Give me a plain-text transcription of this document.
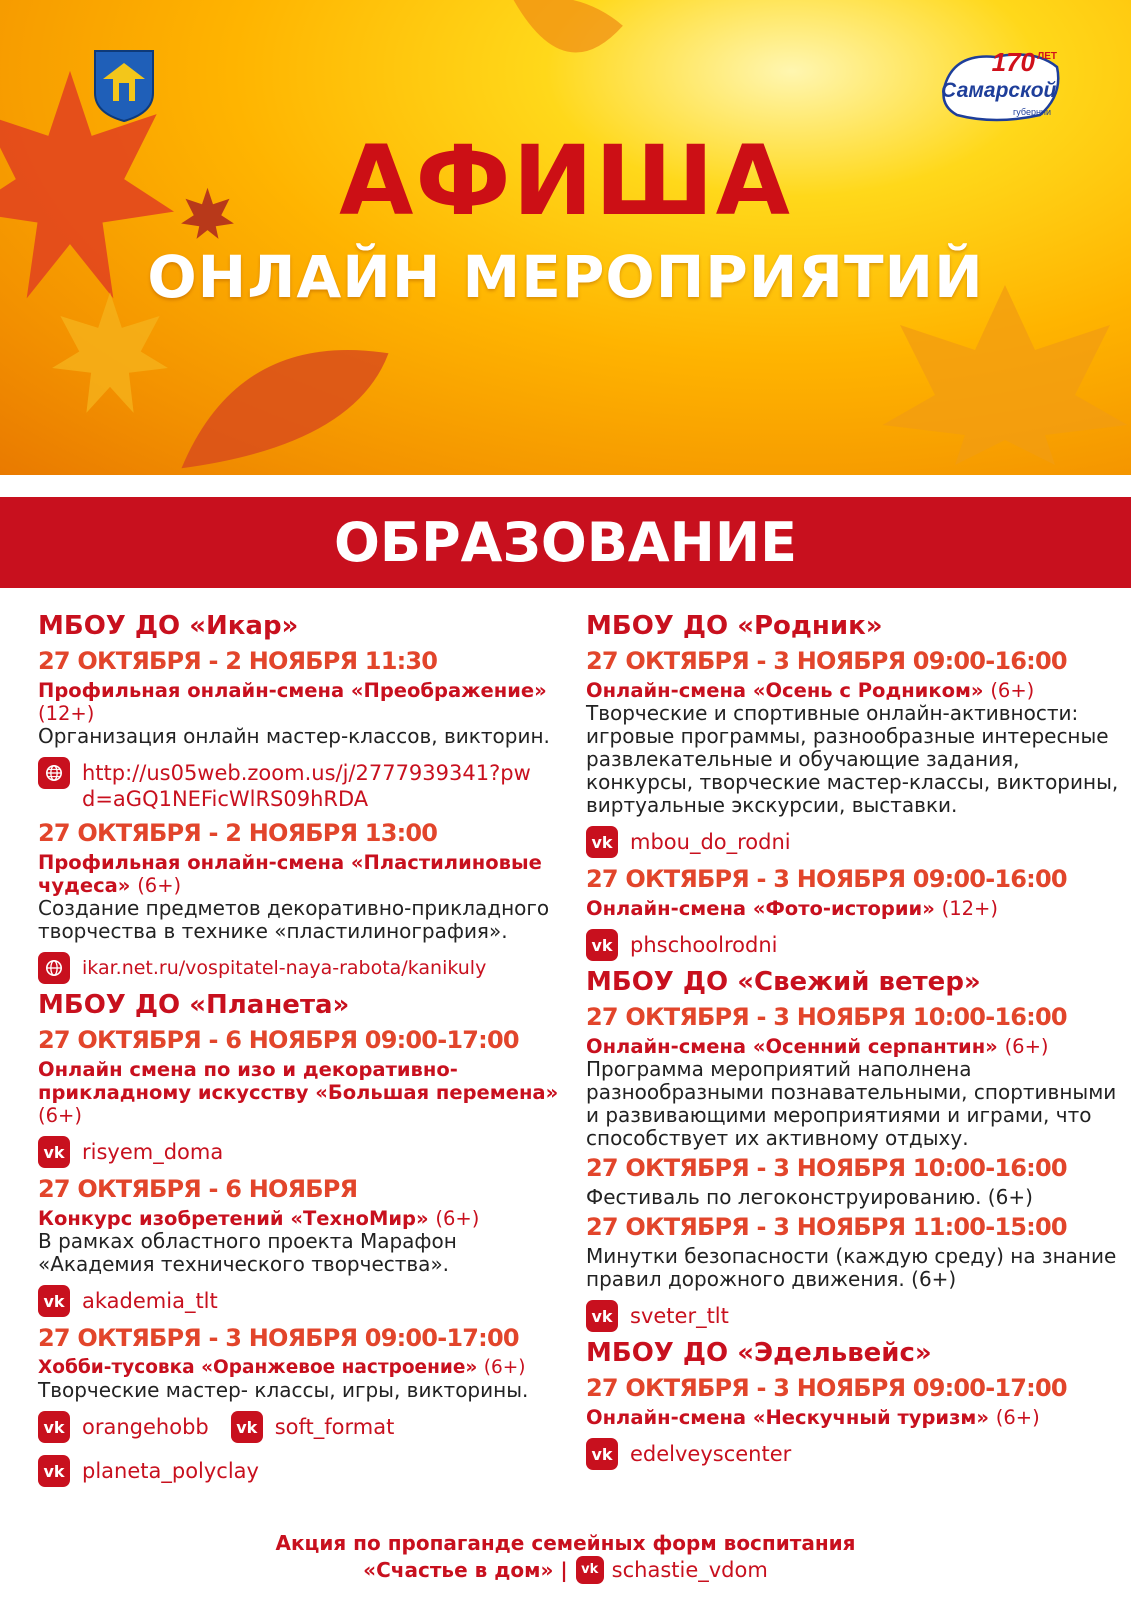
170 ЛЕТ
Самарской
губернии
АФИША
ОНЛАЙН МЕРОПРИЯТИЙ
ОБРАЗОВАНИЕ
МБОУ ДО «Икар»
27 ОКТЯБРЯ - 2 НОЯБРЯ 11:30
Профильная онлайн-смена «Преображение» (12+)
Организация онлайн мастер-классов, викторин.
http://us05web.zoom.us/j/2777939341?pwd=aGQ1NEFicWlRS09hRDA
27 ОКТЯБРЯ - 2 НОЯБРЯ 13:00
Профильная онлайн-смена «Пластилиновые чудеса» (6+)
Создание предметов декоративно-прикладного творчества в технике «пластилинография».
ikar.net.ru/vospitatel-naya-rabota/kanikuly
МБОУ ДО «Планета»
27 ОКТЯБРЯ - 6 НОЯБРЯ 09:00-17:00
Онлайн смена по изо и декоративно-прикладному искусству «Большая перемена» (6+)
vk risyem_doma
27 ОКТЯБРЯ - 6 НОЯБРЯ
Конкурс изобретений «ТехноМир» (6+)
В рамках областного проекта Марафон «Академия технического творчества».
vk akademia_tlt
27 ОКТЯБРЯ - 3 НОЯБРЯ 09:00-17:00
Хобби-тусовка «Оранжевое настроение» (6+)
Творческие мастер- классы, игры, викторины.
vk orangehobb vk soft_format
vk planeta_polyclay
МБОУ ДО «Родник»
27 ОКТЯБРЯ - 3 НОЯБРЯ 09:00-16:00
Онлайн-смена «Осень с Родником» (6+)
Творческие и спортивные онлайн-активности: игровые программы, разнообразные интересные развлекательные и обучающие задания, конкурсы, творческие мастер-классы, викторины, виртуальные экскурсии, выставки.
vk mbou_do_rodni
27 ОКТЯБРЯ - 3 НОЯБРЯ 09:00-16:00
Онлайн-смена «Фото-истории» (12+)
vk phschoolrodni
МБОУ ДО «Свежий ветер»
27 ОКТЯБРЯ - 3 НОЯБРЯ 10:00-16:00
Онлайн-смена «Осенний серпантин» (6+)
Программа мероприятий наполнена разнообразными познавательными, спортивными и развивающими мероприятиями и играми, что способствует их активному отдыху.
27 ОКТЯБРЯ - 3 НОЯБРЯ 10:00-16:00
Фестиваль по легоконструированию. (6+)
27 ОКТЯБРЯ - 3 НОЯБРЯ 11:00-15:00
Минутки безопасности (каждую среду) на знание правил дорожного движения. (6+)
vk sveter_tlt
МБОУ ДО «Эдельвейс»
27 ОКТЯБРЯ - 3 НОЯБРЯ 09:00-17:00
Онлайн-смена «Нескучный туризм» (6+)
vk edelveyscenter
Акция по пропаганде семейных форм воспитания
«Счастье в дом» | vk schastie_vdom
